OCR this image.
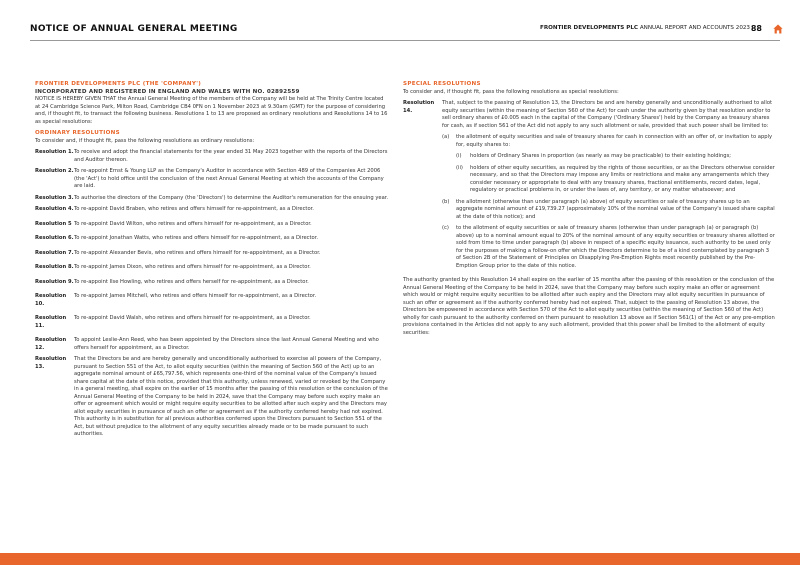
NOTICE OF ANNUAL GENERAL MEETING	FRONTIER DEVELOPMENTS PLC ANNUAL REPORT AND ACCOUNTS 2023 88
FRONTIER DEVELOPMENTS PLC (THE 'COMPANY')
INCORPORATED AND REGISTERED IN ENGLAND AND WALES WITH NO. 02892559

NOTICE IS HEREBY GIVEN THAT the Annual General Meeting of the members of the Company will be held at The Trinity Centre located at 24 Cambridge Science Park, Milton Road, Cambridge CB4 0FN on 1 November 2023 at 9.30am (GMT) for the purpose of considering and, if thought fit, to transact the following business. Resolutions 1 to 13 are proposed as ordinary resolutions and Resolutions 14 to 16 as special resolutions:

ORDINARY RESOLUTIONS

To consider and, if thought fit, pass the following resolutions as ordinary resolutions:

Resolution 1. To receive and adopt the financial statements for the year ended 31 May 2023 together with the reports of the Directors and Auditor thereon.
Resolution 2. To re-appoint Ernst & Young LLP as the Company's Auditor in accordance with Section 489 of the Companies Act 2006 (the 'Act') to hold office until the conclusion of the next Annual General Meeting at which the accounts of the Company are laid.
Resolution 3. To authorise the directors of the Company (the 'Directors') to determine the Auditor's remuneration for the ensuing year.
Resolution 4. To re-appoint David Braben, who retires and offers himself for re-appointment, as a Director.
Resolution 5 To re-appoint David Wilton, who retires and offers himself for re-appointment, as a Director.
Resolution 6. To re-appoint Jonathan Watts, who retires and offers himself for re-appointment, as a Director.
Resolution 7. To re-appoint Alexander Bevis, who retires and offers himself for re-appointment, as a Director.
Resolution 8. To re-appoint James Dixon, who retires and offers himself for re-appointment, as a Director.
Resolution 9. To re-appoint Ilse Howling, who retires and offers herself for re-appointment, as a Director.
Resolution 10.
To re-appoint James Mitchell, who retires and offers himself for re-appointment, as a Director.
Resolution 11.
To re-appoint David Walsh, who retires and offers himself for re-appointment, as a Director.
Resolution 12.
To appoint Leslie-Ann Reed, who has been appointed by the Directors since the last Annual General Meeting and who offers herself for appointment, as a Director.
Resolution 13.
That the Directors be and are hereby generally and unconditionally authorised to exercise all powers of the Company, pursuant to Section 551 of the Act, to allot equity securities (within the meaning of Section 560 of the Act) up to an aggregate nominal amount of £65,797.56, which represents one-third of the nominal value of the Company's issued share capital at the date of this notice, provided that this authority, unless renewed, varied or revoked by the Company in a general meeting, shall expire on the earlier of 15 months after the passing of this resolution or the conclusion of the Annual General Meeting of the Company to be held in 2024, save that the Company may before such expiry make an offer or agreement which would or might require equity securities to be allotted after such expiry and the Directors may allot equity securities in pursuance of such an offer or agreement as if the authority conferred hereby had not expired. This authority is in substitution for all previous authorities conferred upon the Directors pursuant to Section 551 of the Act, but without prejudice to the allotment of any equity securities already made or to be made pursuant to such authorities.
SPECIAL RESOLUTIONS

To consider and, if thought fit, pass the following resolutions as special resolutions:

Resolution 14.
That, subject to the passing of Resolution 13, the Directors be and are hereby generally and unconditionally authorised to allot equity securities (within the meaning of Section 560 of the Act) for cash under the authority given by that resolution and/or to sell ordinary shares of £0.005 each in the capital of the Company ('Ordinary Shares') held by the Company as treasury shares for cash, as if section 561 of the Act did not apply to any such allotment or sale, provided that such power shall be limited to:
(a)	the allotment of equity securities and sale of treasury shares for cash in connection with an offer of, or invitation to apply for, equity shares to:
(i)	holders of Ordinary Shares in proportion (as nearly as may be practicable) to their existing holdings;
(ii)	holders of other equity securities, as required by the rights of those securities, or as the Directors otherwise consider necessary, and so that the Directors may impose any limits or restrictions and make any arrangements which they consider necessary or appropriate to deal with any treasury shares, fractional entitlements, record dates, legal, regulatory or practical problems in, or under the laws of, any territory, or any matter whatsoever; and
(b)	the allotment (otherwise than under paragraph (a) above) of equity securities or sale of treasury shares up to an aggregate nominal amount of £19,739.27 (approximately 10% of the nominal value of the Company's issued share capital at the date of this notice); and
(c)	to the allotment of equity securities or sale of treasury shares (otherwise than under paragraph (a) or paragraph (b) above) up to a nominal amount equal to 20% of the nominal amount of any equity securities or treasury shares allotted or sold from time to time under paragraph (b) above in respect of a specific equity issuance, such authority to be used only for the purposes of making a follow-on offer which the Directors determine to be of a kind contemplated by paragraph 3 of Section 2B of the Statement of Principles on Disapplying Pre-Emption Rights most recently published by the Pre-Emption Group prior to the date of this notice.

The authority granted by this Resolution 14 shall expire on the earlier of 15 months after the passing of this resolution or the conclusion of the Annual General Meeting of the Company to be held in 2024, save that the Company may before such expiry make an offer or agreement which would or might require equity securities to be allotted after such expiry and the Directors may allot equity securities in pursuance of such an offer or agreement as if the authority conferred hereby had not expired. That, subject to the passing of Resolution 13 above, the Directors be empowered in accordance with Section 570 of the Act to allot equity securities (within the meaning of Section 560 of the Act) wholly for cash pursuant to the authority conferred on them pursuant to resolution 13 above as if Section 561(1) of the Act or any pre-emption provisions contained in the Articles did not apply to any such allotment, provided that this power shall be limited to the allotment of equity securities:
